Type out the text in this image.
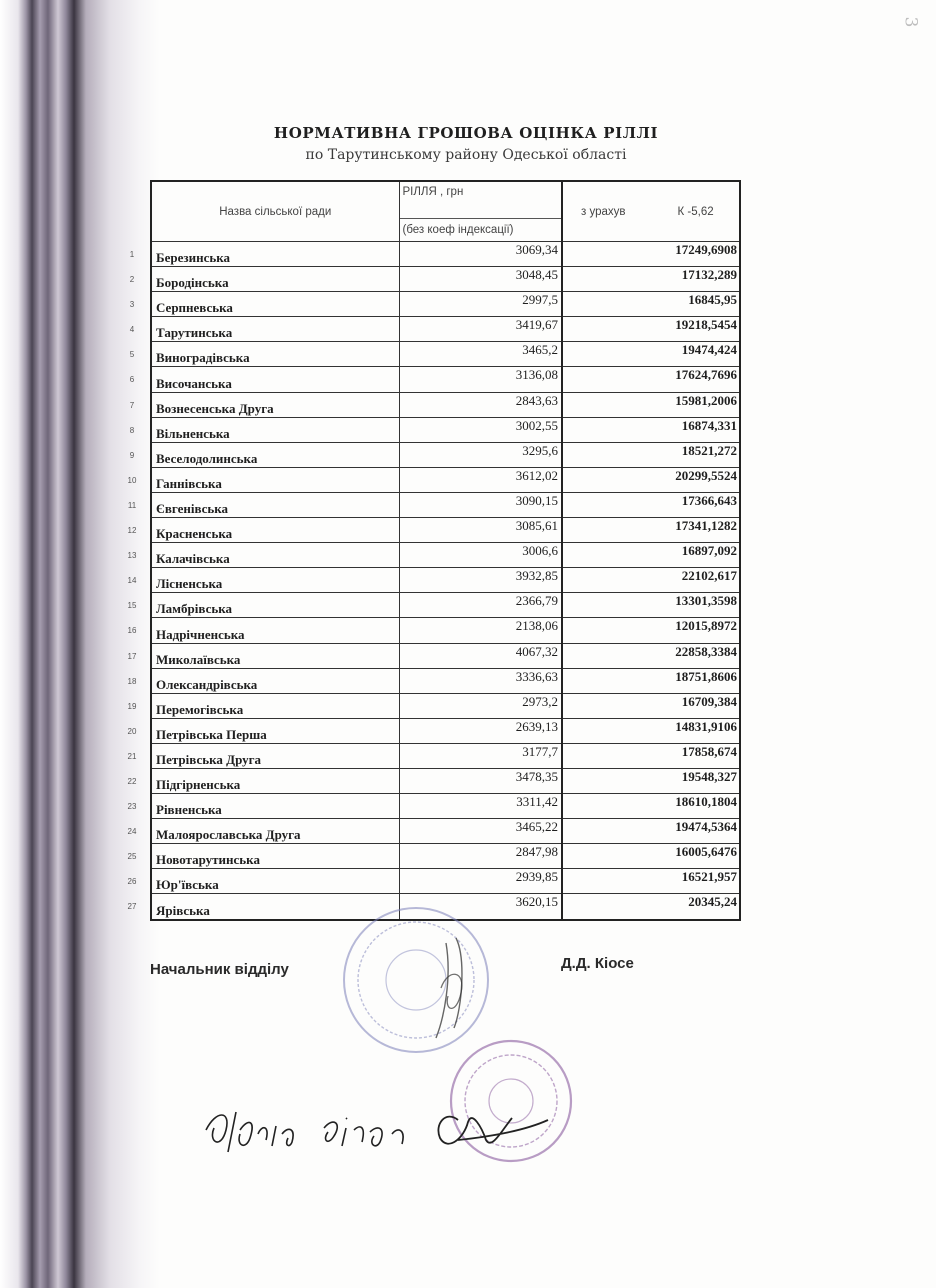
3
НОРМАТИВНА ГРОШОВА ОЦІНКА РІЛЛІ
по Тарутинському району Одеської області
1
2
3
4
5
6
7
8
9
10
11
12
13
14
15
16
17
18
19
20
21
22
23
24
25
26
27
Назва сільської ради	РІЛЛЯ , грн	з урахув К -5,62
	(без коеф індексації)	
Березинська	3069,34	17249,6908
Бородінська	3048,45	17132,289
Серпневська	2997,5	16845,95
Тарутинська	3419,67	19218,5454
Виноградівська	3465,2	19474,424
Височанська	3136,08	17624,7696
Вознесенська Друга	2843,63	15981,2006
Вільненська	3002,55	16874,331
Веселодолинська	3295,6	18521,272
Ганнівська	3612,02	20299,5524
Євгенівська	3090,15	17366,643
Красненська	3085,61	17341,1282
Калачівська	3006,6	16897,092
Лісненська	3932,85	22102,617
Ламбрівська	2366,79	13301,3598
Надрічненська	2138,06	12015,8972
Миколаївська	4067,32	22858,3384
Олександрівська	3336,63	18751,8606
Перемогівська	2973,2	16709,384
Петрівська Перша	2639,13	14831,9106
Петрівська Друга	3177,7	17858,674
Підгірненська	3478,35	19548,327
Рівненська	3311,42	18610,1804
Малоярославська Друга	3465,22	19474,5364
Новотарутинська	2847,98	16005,6476
Юр'ївська	2939,85	16521,957
Ярівська	3620,15	20345,24
Начальник відділу	Д.Д. Кіосе
